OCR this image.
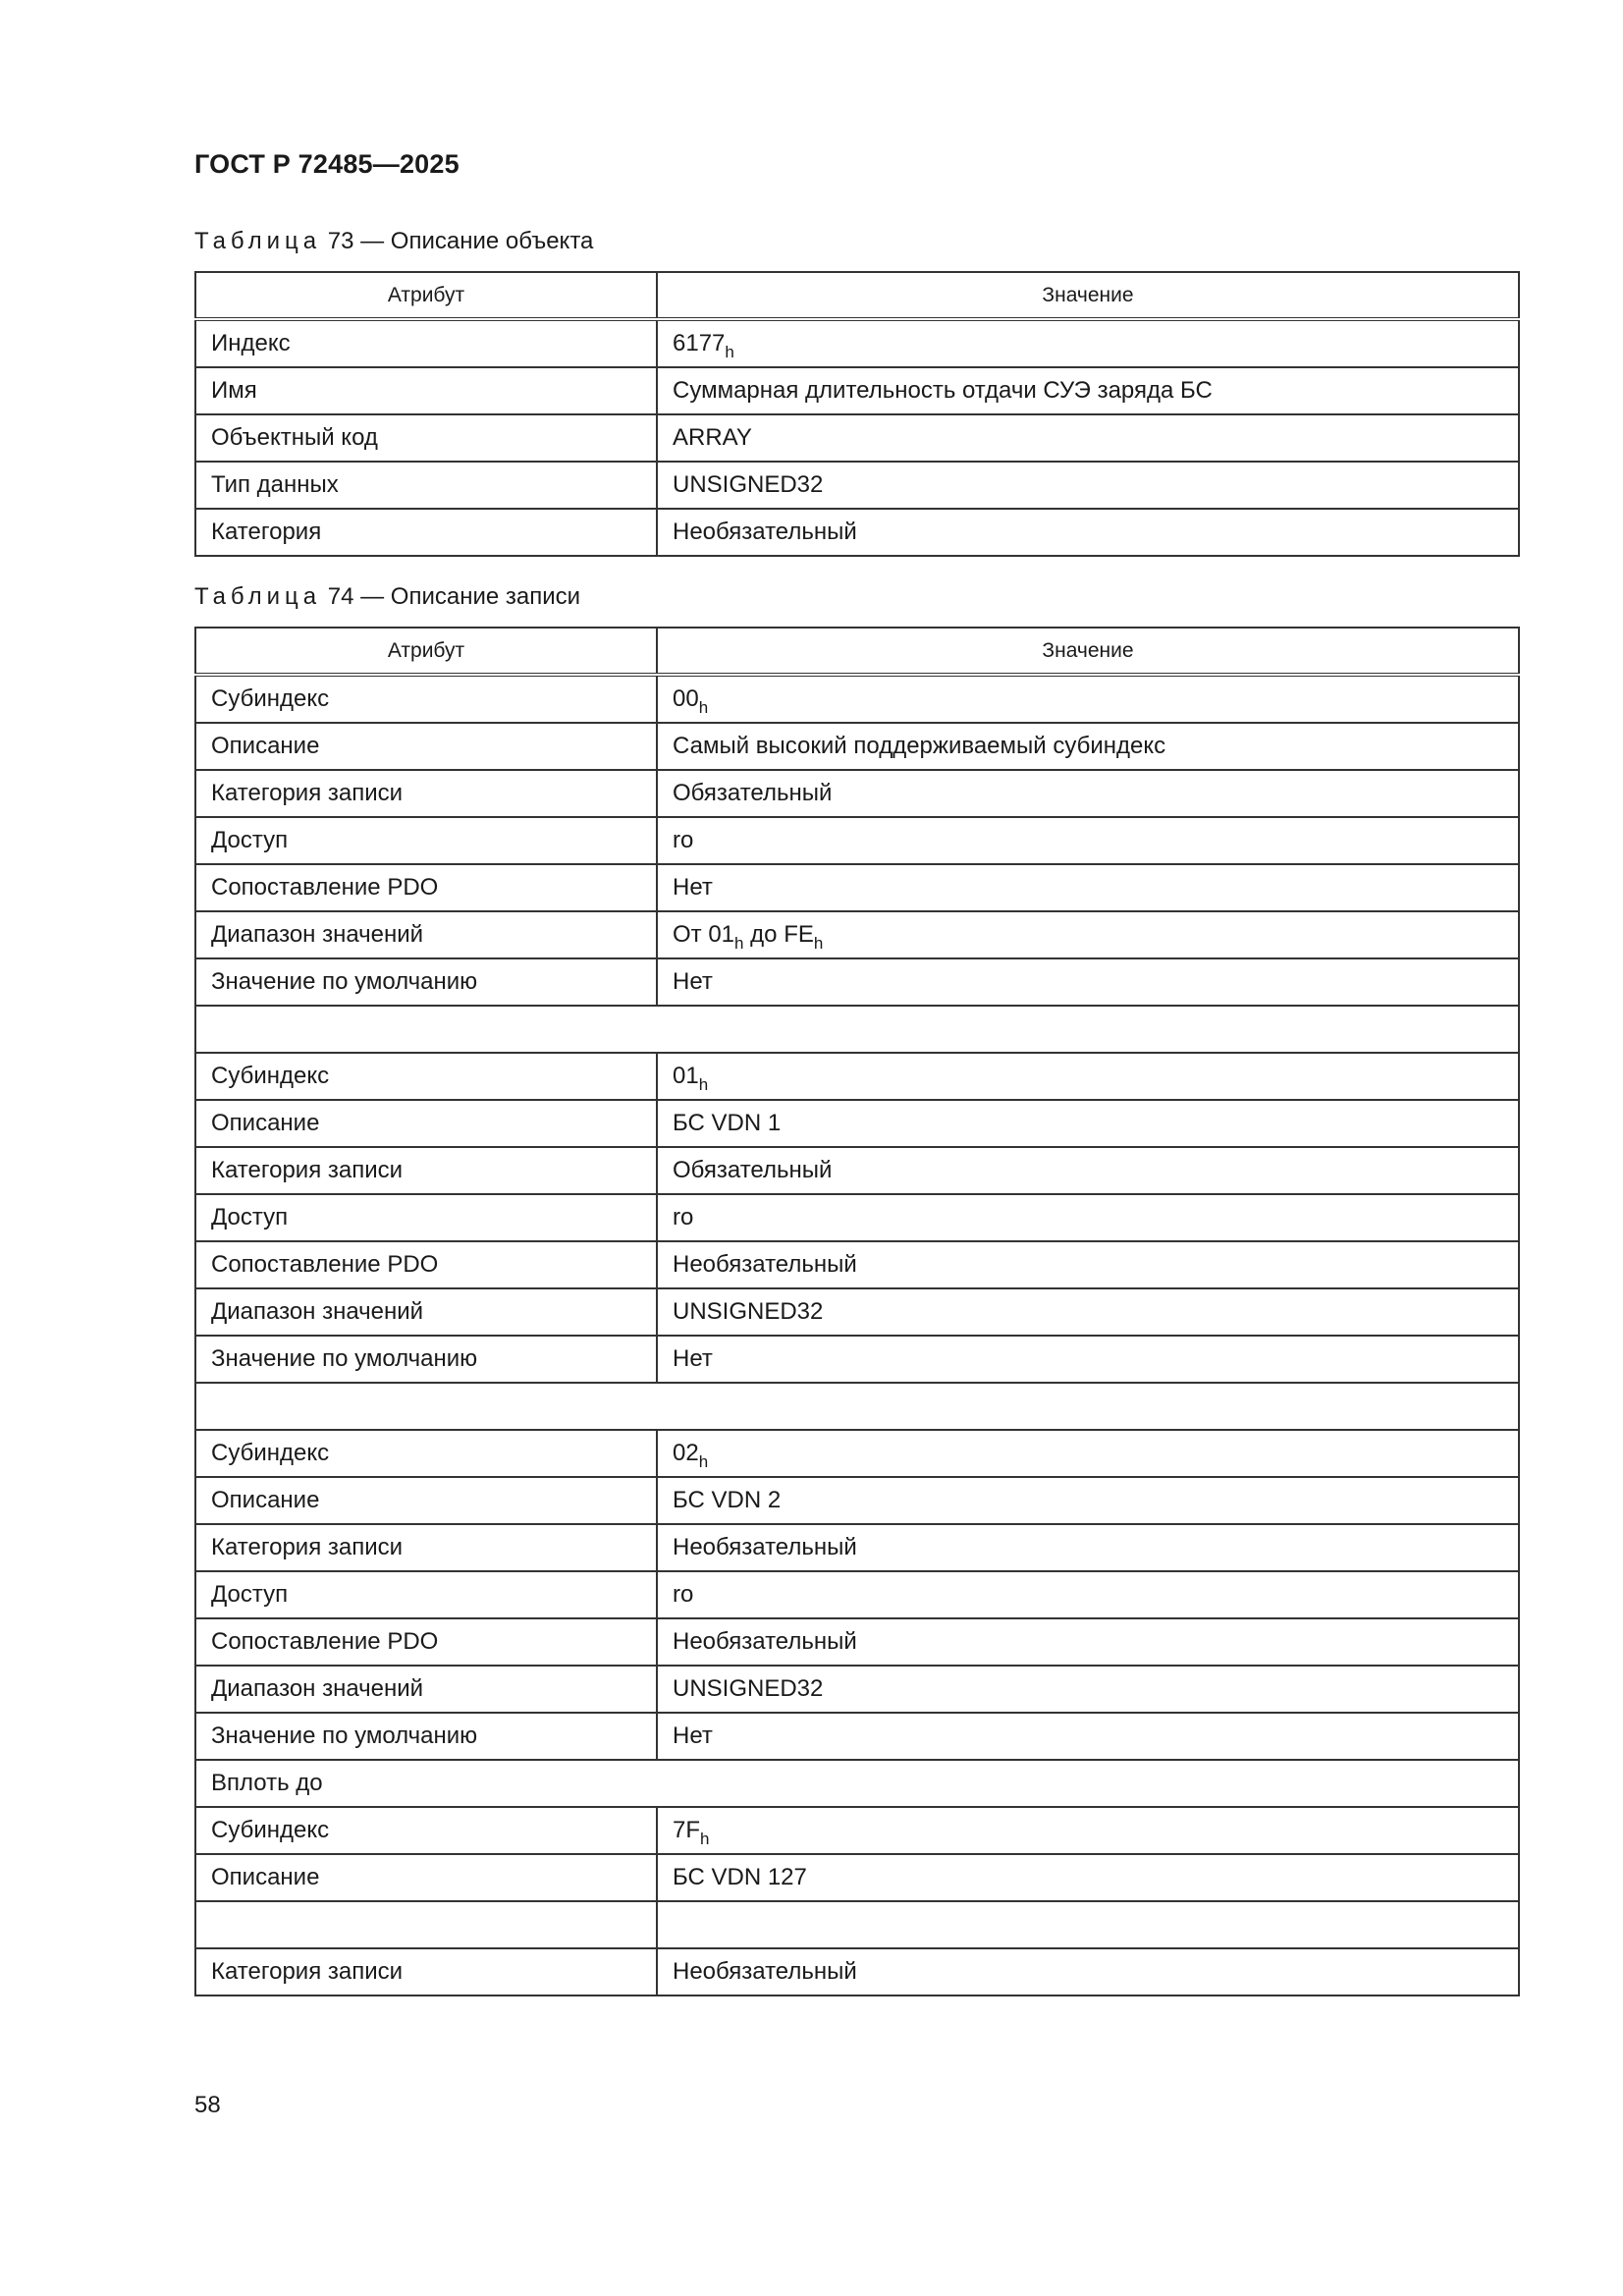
ГОСТ Р 72485—2025
Таблица 73 — Описание объекта
Атрибут	Значение
Индекс	$6177_h$
Имя	Суммарная длительность отдачи СУЭ заряда БС
Объектный код	ARRAY
Тип данных	UNSIGNED32
Категория	Необязательный
Таблица 74 — Описание записи
Атрибут	Значение
Субиндекс	$00_h$
Описание	Самый высокий поддерживаемый субиндекс
Категория записи	Обязательный
Доступ	ro
Сопоставление PDO	Нет
Диапазон значений	От $01_h$ до $FE_h$
Значение по умолчанию	Нет

Субиндекс	$01_h$
Описание	БС VDN 1
Категория записи	Обязательный
Доступ	ro
Сопоставление PDO	Необязательный
Диапазон значений	UNSIGNED32
Значение по умолчанию	Нет

Субиндекс	$02_h$
Описание	БС VDN 2
Категория записи	Необязательный
Доступ	ro
Сопоставление PDO	Необязательный
Диапазон значений	UNSIGNED32
Значение по умолчанию	Нет
Вплоть до	
Субиндекс	$7F_h$
Описание	БС VDN 127

Категория записи	Необязательный
58
